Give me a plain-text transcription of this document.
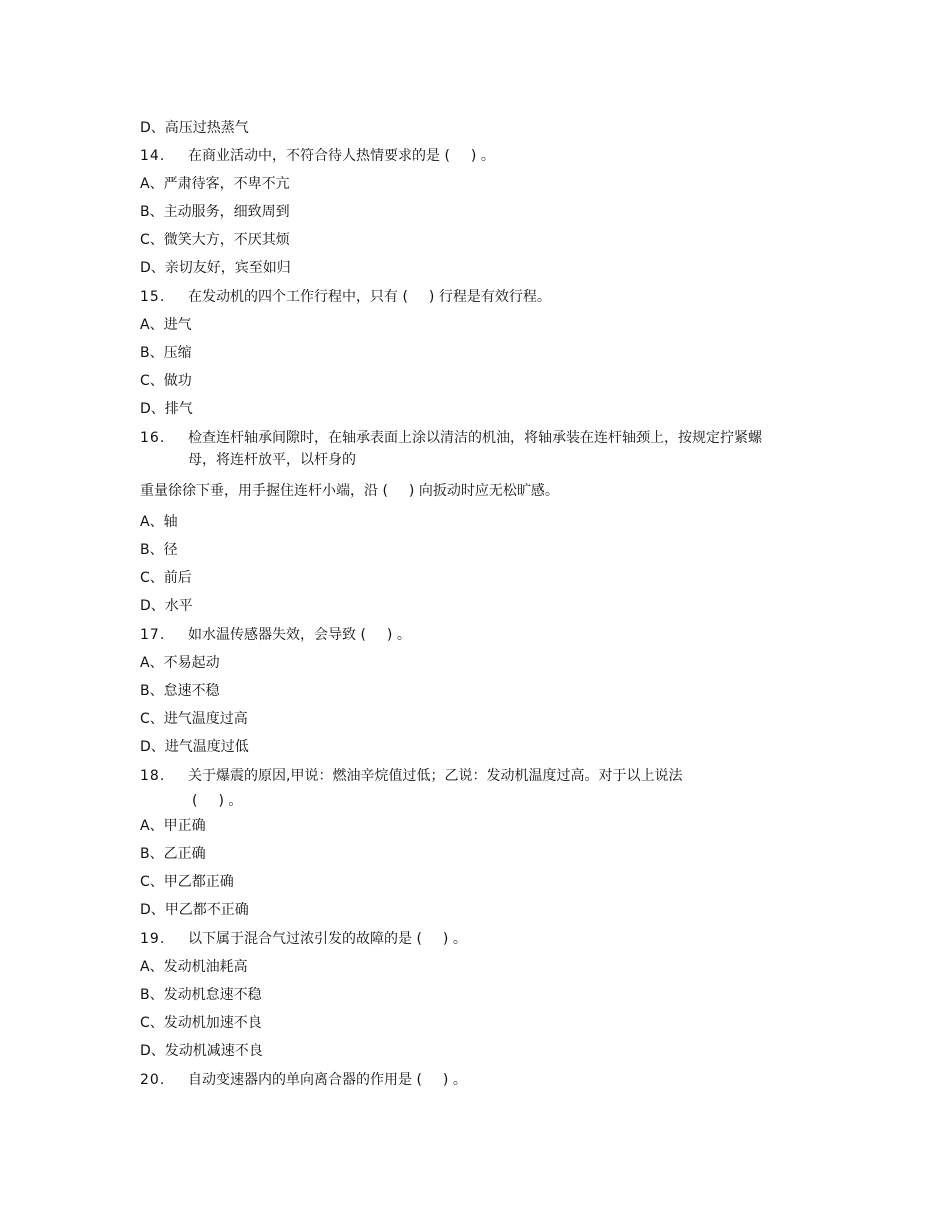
D、高压过热蒸气
14.	在商业活动中，不符合待人热情要求的是 (  ) 。
A、严肃待客，不卑不亢
B、主动服务，细致周到
C、微笑大方，不厌其烦
D、亲切友好，宾至如归
15.	在发动机的四个工作行程中，只有 (  ) 行程是有效行程。
A、进气
B、压缩
C、做功
D、排气
16.	检查连杆轴承间隙时，在轴承表面上涂以清洁的机油，将轴承装在连杆轴颈上，按规定拧紧螺母，将连杆放平，以杆身的
重量徐徐下垂，用手握住连杆小端，沿 (  ) 向扳动时应无松旷感。
A、轴
B、径
C、前后
D、水平
17.	如水温传感器失效，会导致 (  ) 。
A、不易起动
B、怠速不稳
C、进气温度过高
D、进气温度过低
18.	关于爆震的原因,甲说：燃油辛烷值过低；乙说：发动机温度过高。对于以上说法
(  ) 。
A、甲正确
B、乙正确
C、甲乙都正确
D、甲乙都不正确
19.	以下属于混合气过浓引发的故障的是 (  ) 。
A、发动机油耗高
B、发动机怠速不稳
C、发动机加速不良
D、发动机减速不良
20.	自动变速器内的单向离合器的作用是 (  ) 。
